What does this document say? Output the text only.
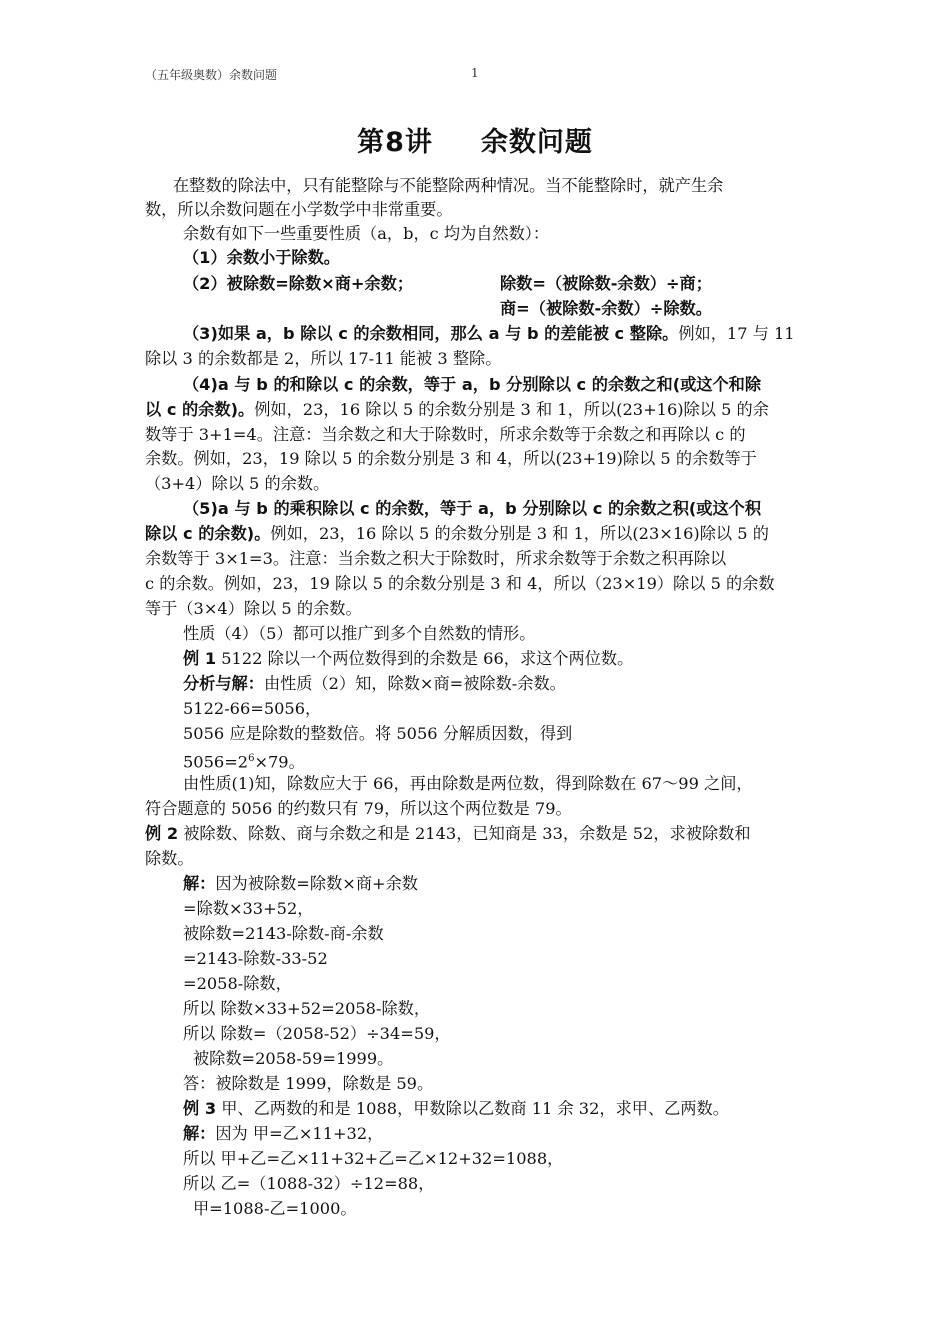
（五年级奥数）余数问题	1
第8讲 余数问题
在整数的除法中，只有能整除与不能整除两种情况。当不能整除时，就产生余
数，所以余数问题在小学数学中非常重要。
余数有如下一些重要性质（a，b，c 均为自然数）：
（1）余数小于除数。
（2）被除数=除数×商+余数；	除数=（被除数-余数）÷商；
商=（被除数-余数）÷除数。
（3)如果 a，b 除以 c 的余数相同，那么 a 与 b 的差能被 c 整除。例如，17 与 11
除以 3 的余数都是 2，所以 17-11 能被 3 整除。
（4)a 与 b 的和除以 c 的余数，等于 a，b 分别除以 c 的余数之和(或这个和除
以 c 的余数)。例如，23，16 除以 5 的余数分别是 3 和 1，所以(23+16)除以 5 的余
数等于 3+1=4。注意：当余数之和大于除数时，所求余数等于余数之和再除以 c 的
余数。例如，23，19 除以 5 的余数分别是 3 和 4，所以(23+19)除以 5 的余数等于
（3+4）除以 5 的余数。
（5)a 与 b 的乘积除以 c 的余数，等于 a，b 分别除以 c 的余数之积(或这个积
除以 c 的余数)。例如，23，16 除以 5 的余数分别是 3 和 1，所以(23×16)除以 5 的
余数等于 3×1=3。注意：当余数之积大于除数时，所求余数等于余数之积再除以
c 的余数。例如，23，19 除以 5 的余数分别是 3 和 4，所以（23×19）除以 5 的余数
等于（3×4）除以 5 的余数。
性质（4）（5）都可以推广到多个自然数的情形。
例 1 5122 除以一个两位数得到的余数是 66，求这个两位数。
分析与解：由性质（2）知，除数×商=被除数-余数。
5122-66=5056，
5056 应是除数的整数倍。将 5056 分解质因数，得到
$5056=2^6\times 79$。
由性质(1)知，除数应大于 66，再由除数是两位数，得到除数在 67～99 之间，
符合题意的 5056 的约数只有 79，所以这个两位数是 79。
例 2 被除数、除数、商与余数之和是 2143，已知商是 33，余数是 52，求被除数和
除数。
解：因为被除数=除数×商+余数
=除数×33+52，
被除数=2143-除数-商-余数
=2143-除数-33-52
=2058-除数，
所以 除数×33+52=2058-除数，
所以 除数=（2058-52）÷34=59，
被除数=2058-59=1999。
答：被除数是 1999，除数是 59。
例 3 甲、乙两数的和是 1088，甲数除以乙数商 11 余 32，求甲、乙两数。
解：因为 甲=乙×11+32，
所以 甲+乙=乙×11+32+乙=乙×12+32=1088，
所以 乙=（1088-32）÷12=88，
甲=1088-乙=1000。
